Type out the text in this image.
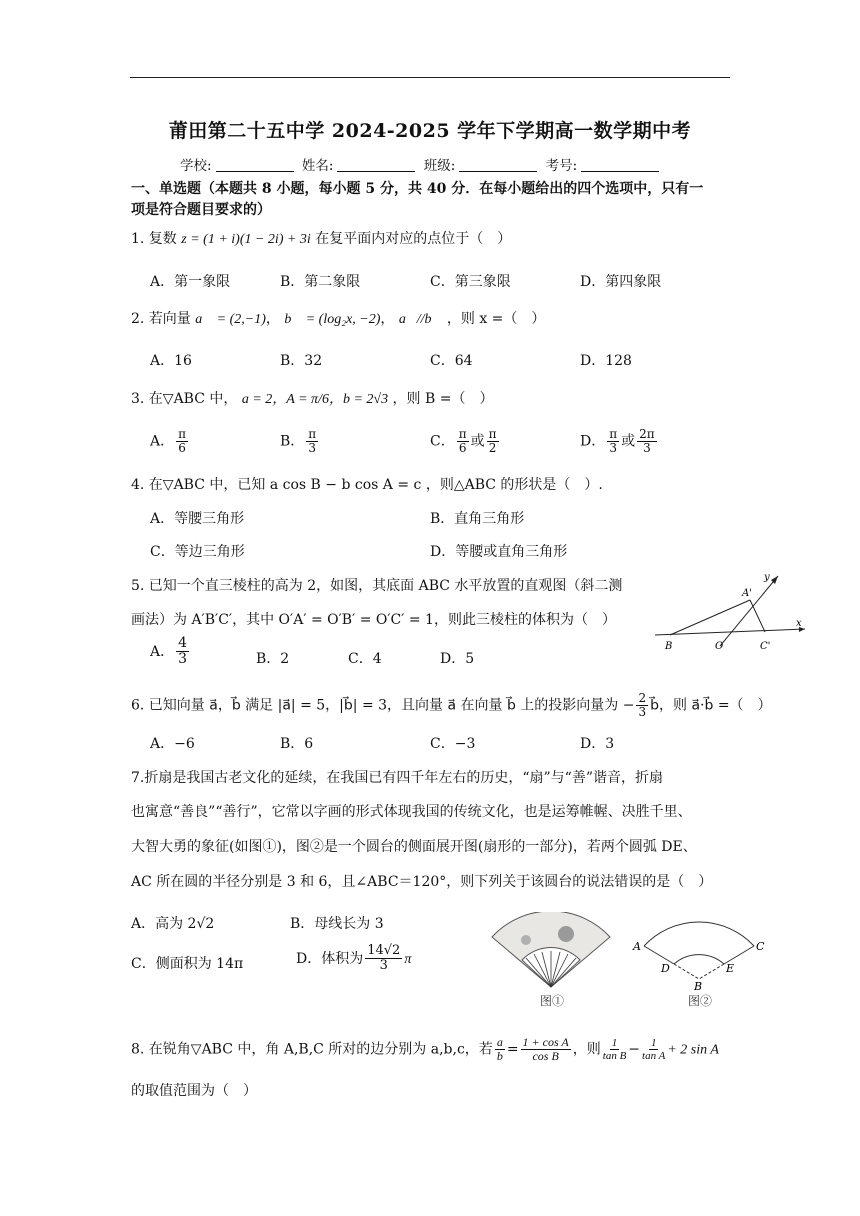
莆田第二十五中学 2024-2025 学年下学期高一数学期中考
学校:	姓名:	班级:	考号:
一、单选题（本题共 8 小题，每小题 5 分，共 40 分．在每小题给出的四个选项中，只有一
项是符合题目要求的）
1. 复数 z = (1 + i)(1 − 2i) + 3i 在复平面内对应的点位于（　）
A．第一象限	B．第二象限	C．第三象限	D．第四象限
2. 若向量 a⃗ = (2,−1)， b⃗ = (log₂x, −2)， a⃗//b⃗ ，则 x =（　）
A．16	B．32	C．64	D．128
3. 在▽ABC 中， a = 2，A = π/6，b = 2√3 ，则 B =（　）
A． $\frac{\pi}{6}$	B． $\frac{\pi}{3}$	C． $\frac{\pi}{6}$ 或 $\frac{\pi}{2}$	D． $\frac{\pi}{3}$ 或 $\frac{2\pi}{3}$
4. 在▽ABC 中，已知 a cos B − b cos A = c ，则△ABC 的形状是（　）.
A．等腰三角形	B．直角三角形
C．等边三角形	D．等腰或直角三角形
5. 已知一个直三棱柱的高为 2，如图，其底面 ABC 水平放置的直观图（斜二测
画法）为 A′B′C′，其中 O′A′ = O′B′ = O′C′ = 1，则此三棱柱的体积为（　）
A． $\frac{4}{3}$	B．2	C．4	D．5
y
x
A'
B	O	C'
6. 已知向量 a⃗，b⃗ 满足 |a⃗| = 5，|b⃗| = 3，且向量 a⃗ 在向量 b⃗ 上的投影向量为 − $\frac{2}{3}$ b⃗，则 a⃗·b⃗ =（　）
A．−6	B．6	C．−3	D．3
7.折扇是我国古老文化的延续，在我国已有四千年左右的历史，“扇”与“善”谐音，折扇
也寓意“善良”“善行”，它常以字画的形式体现我国的传统文化，也是运筹帷幄、决胜千里、
大智大勇的象征(如图①)，图②是一个圆台的侧面展开图(扇形的一部分)，若两个圆弧 DE、
AC 所在圆的半径分别是 3 和 6，且∠ABC＝120°，则下列关于该圆台的说法错误的是（　）
A．高为 2√2	B．母线长为 3
C．侧面积为 14π	D．体积为 $\frac{14√2}{3}$ π
图①
A	C
D	E
B
图②
8. 在锐角▽ABC 中，角 A,B,C 所对的边分别为 a,b,c，若 $\frac{a}{b} = \frac{\text{1 + cos A}}{\text{cos B}}$ ，则 $\frac{1}{\text{tan B}} - \frac{1}{\text{tan A}} + 2$ sin A
的取值范围为（　）
